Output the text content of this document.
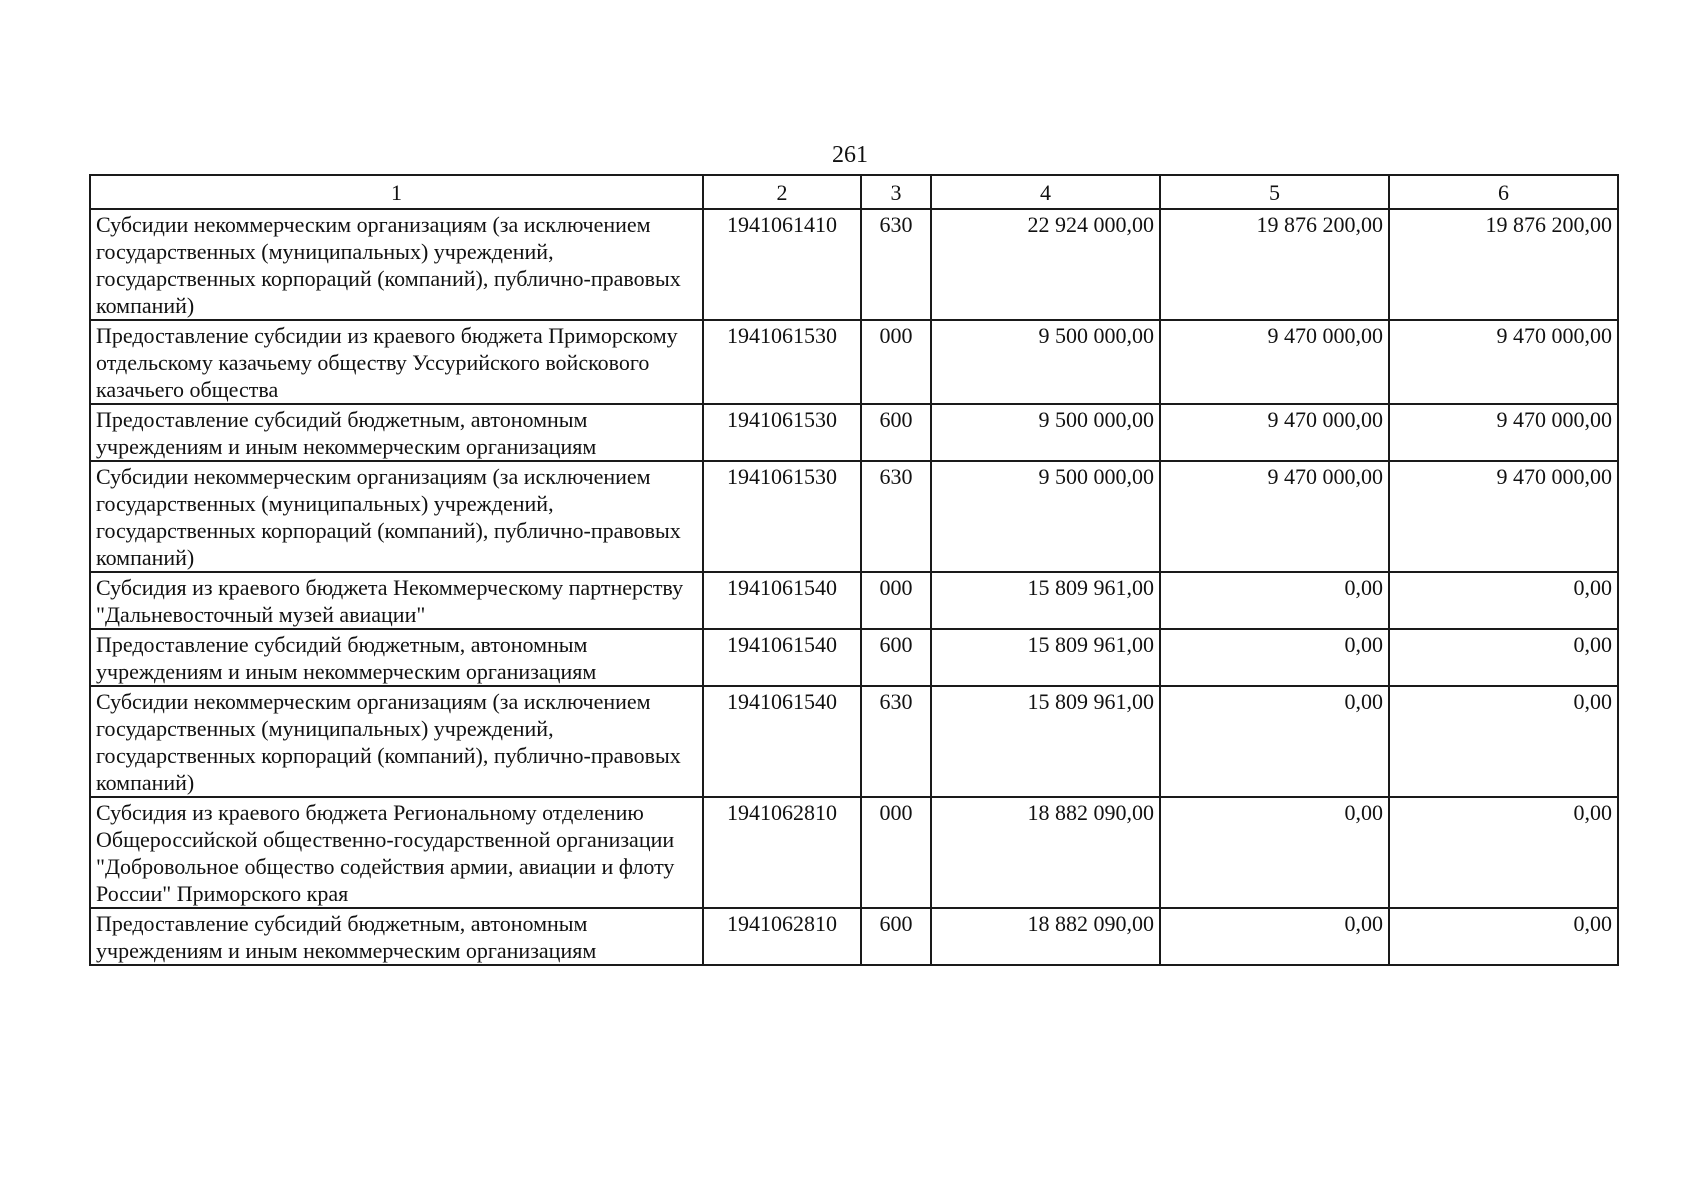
261
1	2	3	4	5	6
Субсидии некоммерческим организациям (за исключением государственных (муниципальных) учреждений, государственных корпораций (компаний), публично-правовых компаний)	1941061410	630	22 924 000,00	19 876 200,00	19 876 200,00
Предоставление субсидии из краевого бюджета Приморскому отдельскому казачьему обществу Уссурийского войскового казачьего общества	1941061530	000	9 500 000,00	9 470 000,00	9 470 000,00
Предоставление субсидий бюджетным, автономным учреждениям и иным некоммерческим организациям	1941061530	600	9 500 000,00	9 470 000,00	9 470 000,00
Субсидии некоммерческим организациям (за исключением государственных (муниципальных) учреждений, государственных корпораций (компаний), публично-правовых компаний)	1941061530	630	9 500 000,00	9 470 000,00	9 470 000,00
Субсидия из краевого бюджета Некоммерческому партнерству "Дальневосточный музей авиации"	1941061540	000	15 809 961,00	0,00	0,00
Предоставление субсидий бюджетным, автономным учреждениям и иным некоммерческим организациям	1941061540	600	15 809 961,00	0,00	0,00
Субсидии некоммерческим организациям (за исключением государственных (муниципальных) учреждений, государственных корпораций (компаний), публично-правовых компаний)	1941061540	630	15 809 961,00	0,00	0,00
Субсидия из краевого бюджета Региональному отделению Общероссийской общественно-государственной организации "Добровольное общество содействия армии, авиации и флоту России" Приморского края	1941062810	000	18 882 090,00	0,00	0,00
Предоставление субсидий бюджетным, автономным учреждениям и иным некоммерческим организациям	1941062810	600	18 882 090,00	0,00	0,00
